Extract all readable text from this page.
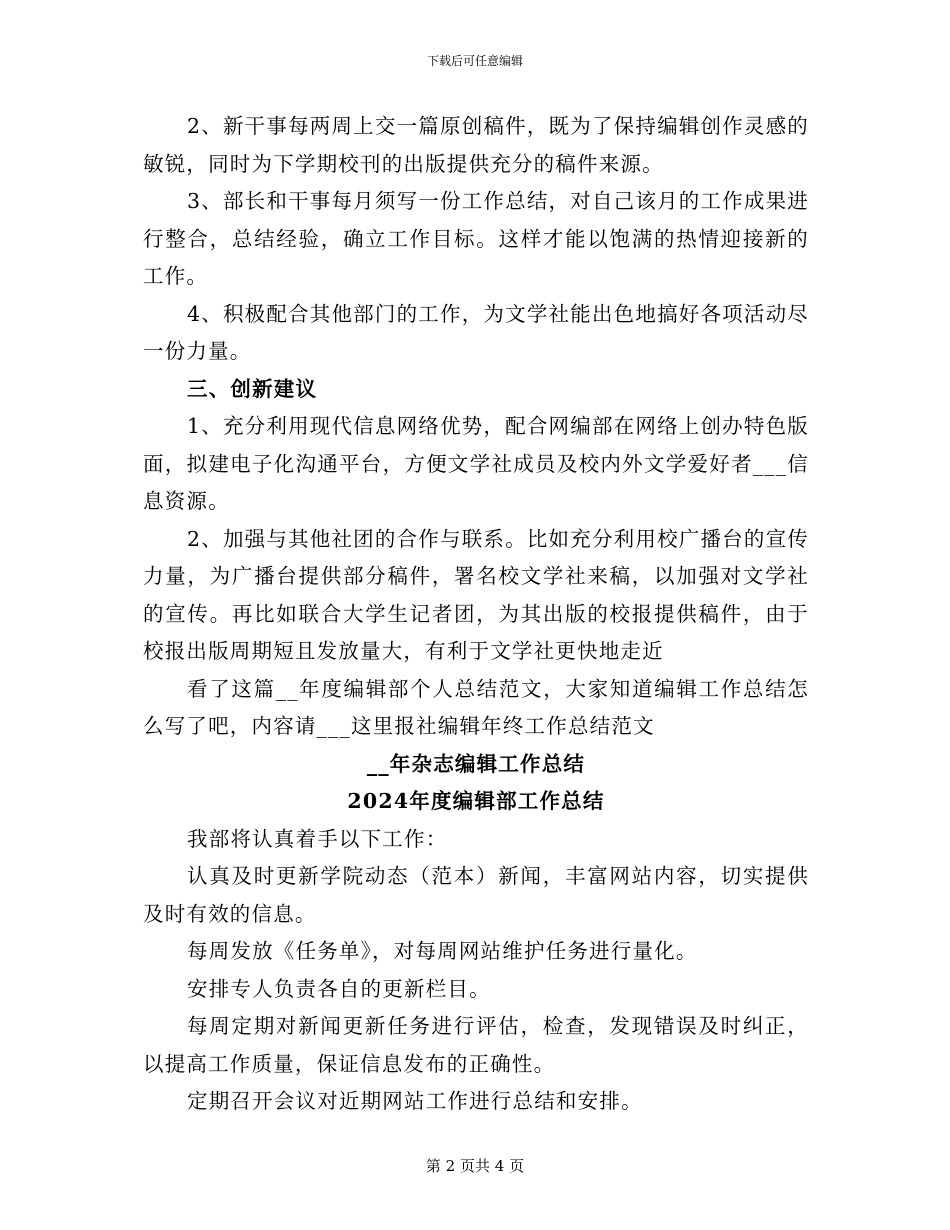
下载后可任意编辑

2、新干事每两周上交一篇原创稿件，既为了保持编辑创作灵感的敏锐，同时为下学期校刊的出版提供充分的稿件来源。

3、部长和干事每月须写一份工作总结，对自己该月的工作成果进行整合，总结经验，确立工作目标。这样才能以饱满的热情迎接新的工作。

4、积极配合其他部门的工作，为文学社能出色地搞好各项活动尽一份力量。

三、创新建议

1、充分利用现代信息网络优势，配合网编部在网络上创办特色版面，拟建电子化沟通平台，方便文学社成员及校内外文学爱好者___信息资源。

2、加强与其他社团的合作与联系。比如充分利用校广播台的宣传力量，为广播台提供部分稿件，署名校文学社来稿，以加强对文学社的宣传。再比如联合大学生记者团，为其出版的校报提供稿件，由于校报出版周期短且发放量大，有利于文学社更快地走近

看了这篇__年度编辑部个人总结范文，大家知道编辑工作总结怎么写了吧，内容请___这里报社编辑年终工作总结范文

__年杂志编辑工作总结

2024年度编辑部工作总结

我部将认真着手以下工作：

认真及时更新学院动态（范本）新闻，丰富网站内容，切实提供及时有效的信息。

每周发放《任务单》，对每周网站维护任务进行量化。

安排专人负责各自的更新栏目。

每周定期对新闻更新任务进行评估，检查，发现错误及时纠正，以提高工作质量，保证信息发布的正确性。

定期召开会议对近期网站工作进行总结和安排。

第 2 页共 4 页
